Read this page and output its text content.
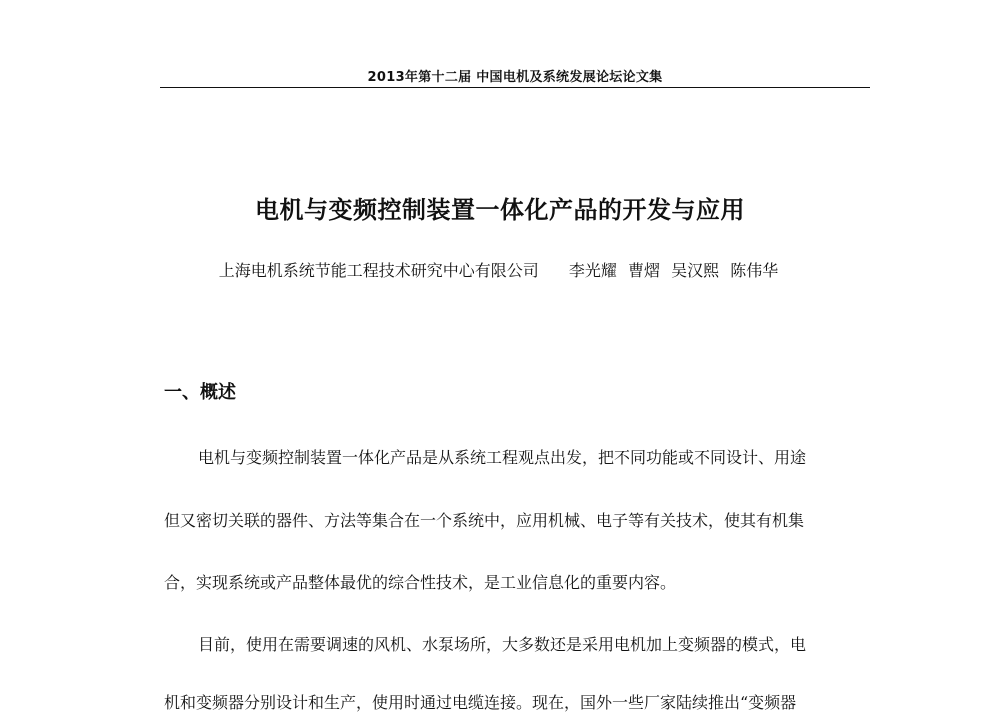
2013年第十二届 中国电机及系统发展论坛论文集
电机与变频控制装置一体化产品的开发与应用
上海电机系统节能工程技术研究中心有限公司 李光耀 曹熠 吴汉熙 陈伟华
一、概述
电机与变频控制装置一体化产品是从系统工程观点出发，把不同功能或不同设计、用途
但又密切关联的器件、方法等集合在一个系统中，应用机械、电子等有关技术，使其有机集
合，实现系统或产品整体最优的综合性技术，是工业信息化的重要内容。
目前，使用在需要调速的风机、水泵场所，大多数还是采用电机加上变频器的模式，电
机和变频器分别设计和生产，使用时通过电缆连接。现在，国外一些厂家陆续推出“变频器
